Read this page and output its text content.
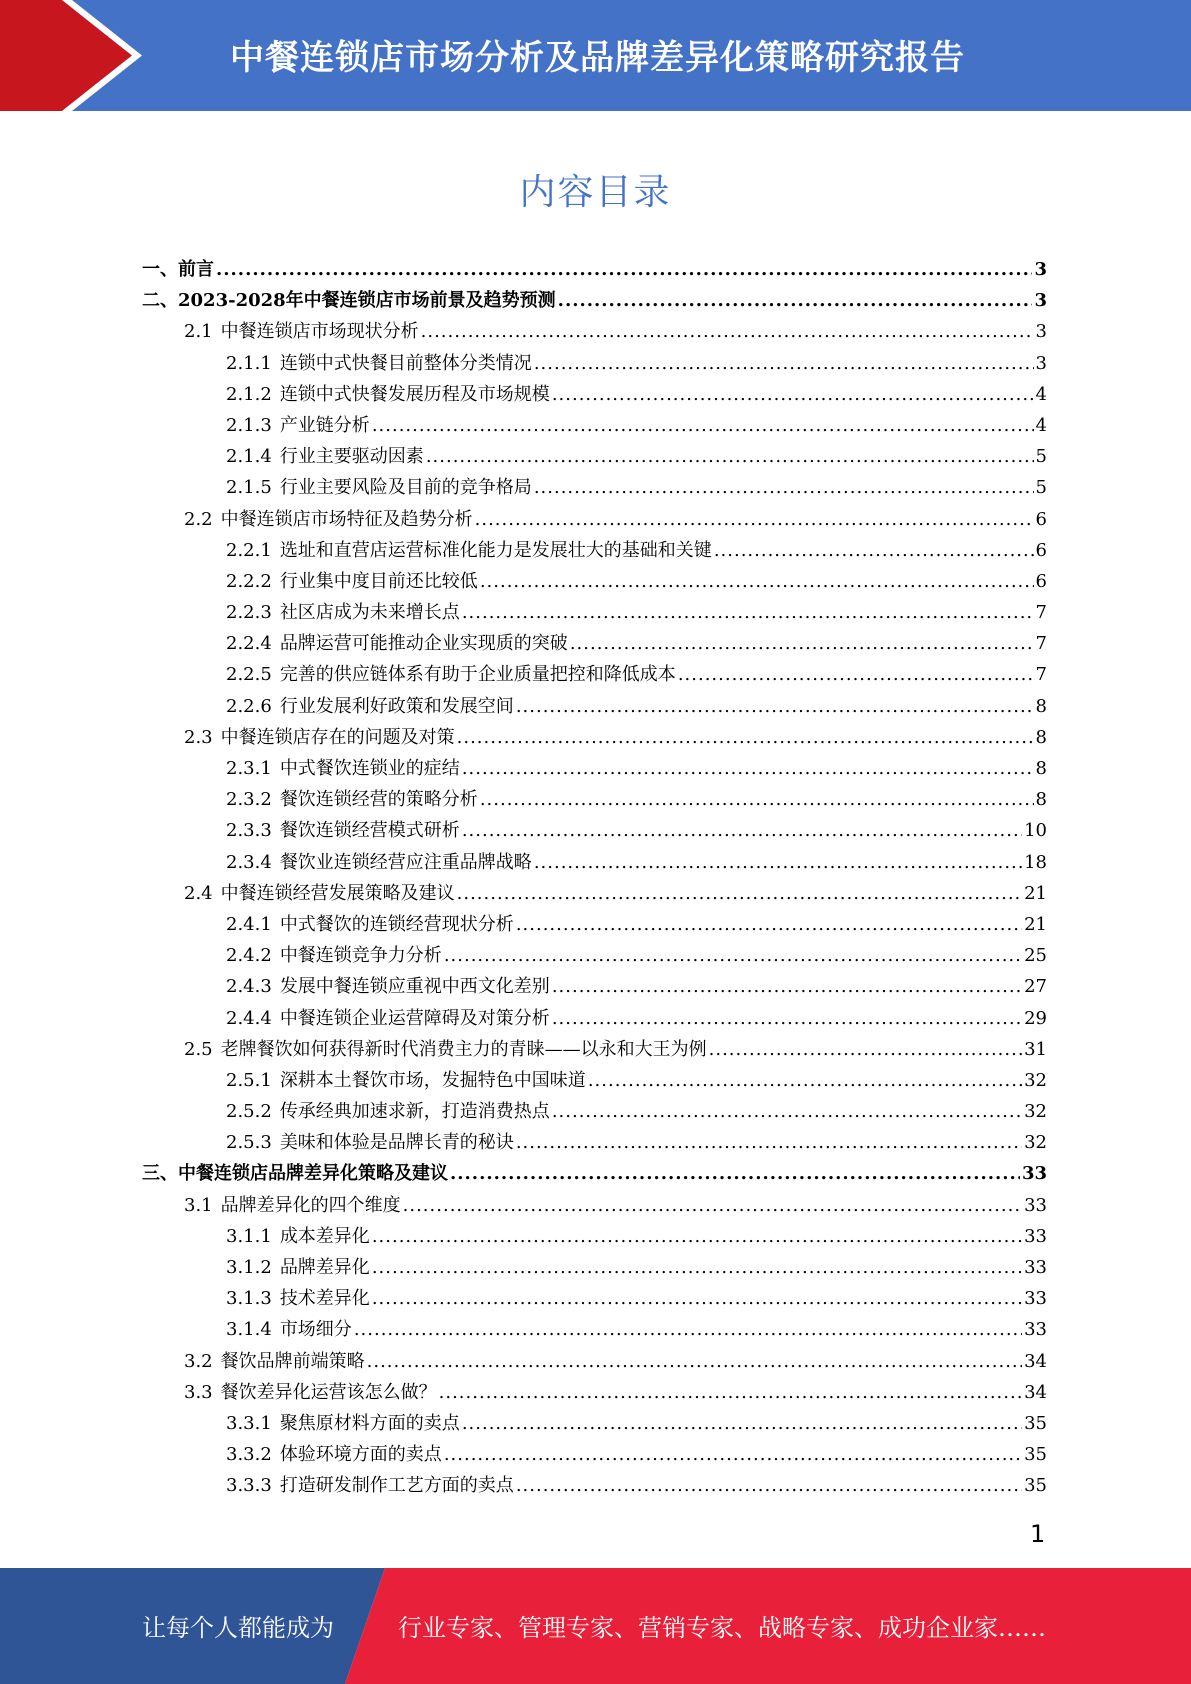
中餐连锁店市场分析及品牌差异化策略研究报告
内容目录
一、 前言 .....	3
二、 2023-2028年中餐连锁店市场前景及趋势预测 .....	3
2.1 中餐连锁店市场现状分析 .....	3
2.1.1 连锁中式快餐目前整体分类情况 .....	3
2.1.2 连锁中式快餐发展历程及市场规模 .....	4
2.1.3 产业链分析 .....	4
2.1.4 行业主要驱动因素 .....	5
2.1.5 行业主要风险及目前的竞争格局 .....	5
2.2 中餐连锁店市场特征及趋势分析 .....	6
2.2.1 选址和直营店运营标准化能力是发展壮大的基础和关键 .....	6
2.2.2 行业集中度目前还比较低 .....	6
2.2.3 社区店成为未来增长点 .....	7
2.2.4 品牌运营可能推动企业实现质的突破 .....	7
2.2.5 完善的供应链体系有助于企业质量把控和降低成本 .....	7
2.2.6 行业发展利好政策和发展空间 .....	8
2.3 中餐连锁店存在的问题及对策 .....	8
2.3.1 中式餐饮连锁业的症结 .....	8
2.3.2 餐饮连锁经营的策略分析 .....	8
2.3.3 餐饮连锁经营模式研析 .....	10
2.3.4 餐饮业连锁经营应注重品牌战略 .....	18
2.4 中餐连锁经营发展策略及建议 .....	21
2.4.1 中式餐饮的连锁经营现状分析 .....	21
2.4.2 中餐连锁竞争力分析 .....	25
2.4.3 发展中餐连锁应重视中西文化差别 .....	27
2.4.4 中餐连锁企业运营障碍及对策分析 .....	29
2.5 老牌餐饮如何获得新时代消费主力的青睐——以永和大王为例 .....	31
2.5.1 深耕本土餐饮市场，发掘特色中国味道 .....	32
2.5.2 传承经典加速求新，打造消费热点 .....	32
2.5.3 美味和体验是品牌长青的秘诀 .....	32
三、 中餐连锁店品牌差异化策略及建议 .....	33
3.1 品牌差异化的四个维度 .....	33
3.1.1 成本差异化 .....	33
3.1.2 品牌差异化 .....	33
3.1.3 技术差异化 .....	33
3.1.4 市场细分 .....	33
3.2 餐饮品牌前端策略 .....	34
3.3 餐饮差异化运营该怎么做？ .....	34
3.3.1 聚焦原材料方面的卖点 .....	35
3.3.2 体验环境方面的卖点 .....	35
3.3.3 打造研发制作工艺方面的卖点 .....	35
1
让每个人都能成为	行业专家、管理专家、营销专家、战略专家、成功企业家……
